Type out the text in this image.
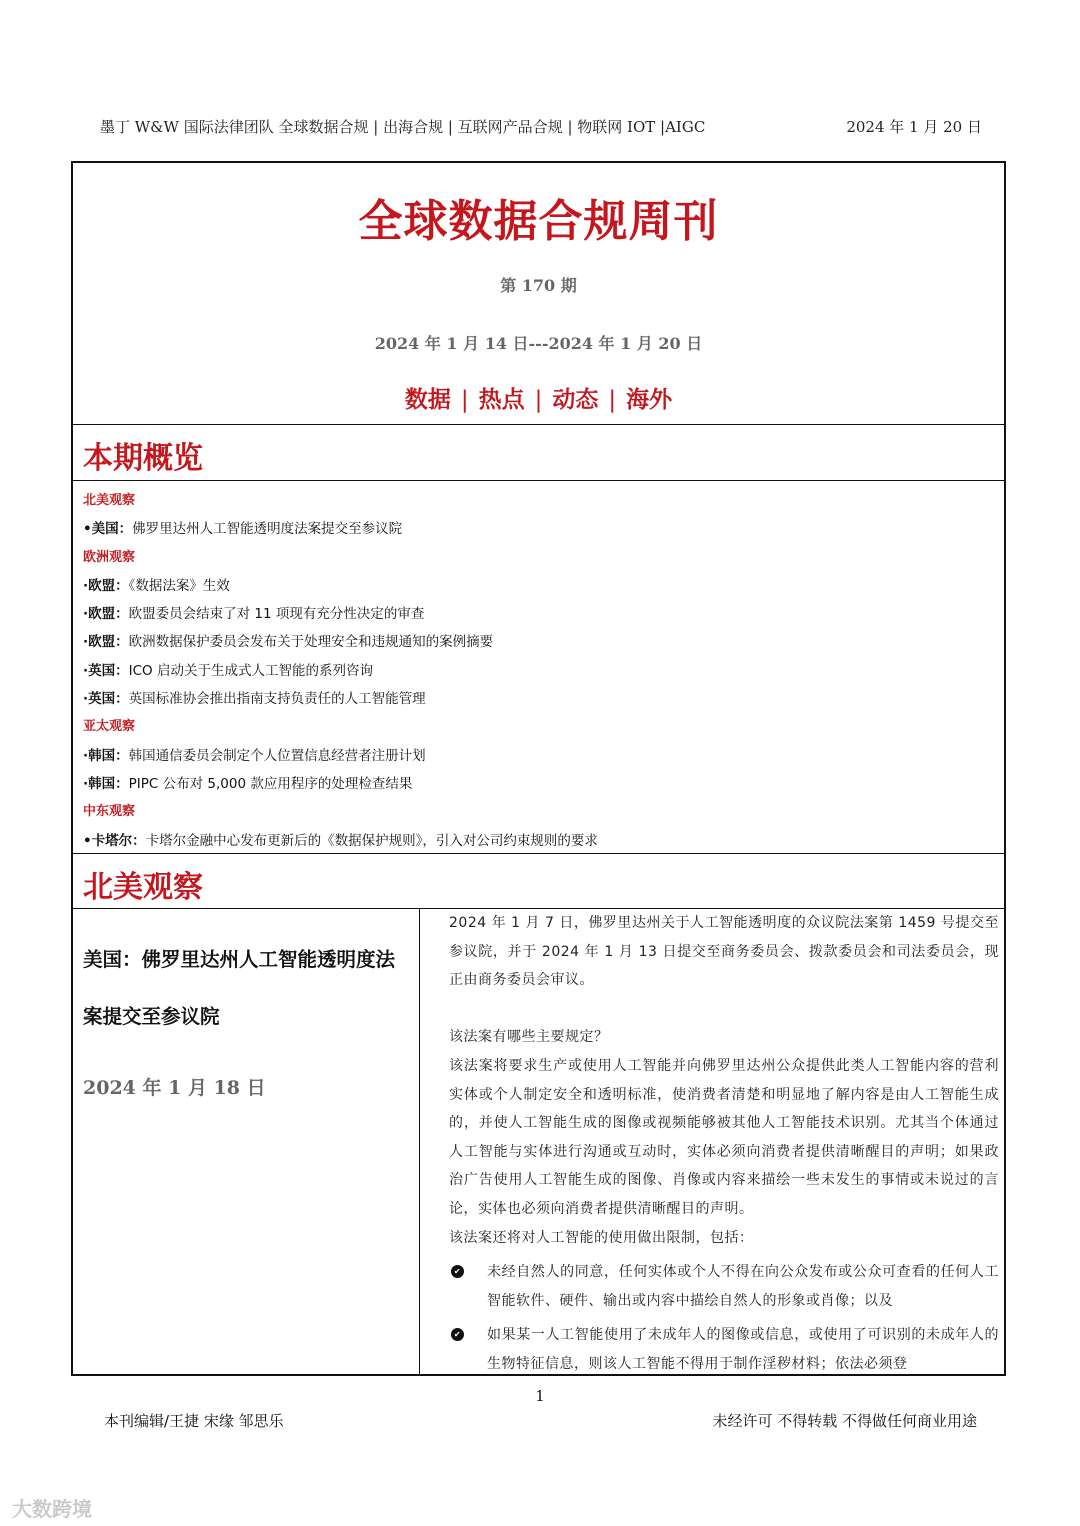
墨丁 W&W 国际法律团队 全球数据合规 | 出海合规 | 互联网产品合规 | 物联网 IOT |AIGC	2024 年 1 月 20 日
全球数据合规周刊
第 170 期
2024 年 1 月 14 日---2024 年 1 月 20 日
数据 | 热点 | 动态 | 海外
本期概览
北美观察
•美国：佛罗里达州人工智能透明度法案提交至参议院
欧洲观察
·欧盟：《数据法案》生效
·欧盟：欧盟委员会结束了对 11 项现有充分性决定的审查
·欧盟：欧洲数据保护委员会发布关于处理安全和违规通知的案例摘要
·英国：ICO 启动关于生成式人工智能的系列咨询
·英国：英国标准协会推出指南支持负责任的人工智能管理
亚太观察
·韩国：韩国通信委员会制定个人位置信息经营者注册计划
·韩国：PIPC 公布对 5,000 款应用程序的处理检查结果
中东观察
•卡塔尔：卡塔尔金融中心发布更新后的《数据保护规则》，引入对公司约束规则的要求
北美观察
美国：佛罗里达州人工智能透明度法案提交至参议院
2024 年 1 月 18 日
2024 年 1 月 7 日，佛罗里达州关于人工智能透明度的众议院法案第 1459 号提交至参议院，并于 2024 年 1 月 13 日提交至商务委员会、拨款委员会和司法委员会，现正由商务委员会审议。
该法案有哪些主要规定？
该法案将要求生产或使用人工智能并向佛罗里达州公众提供此类人工智能内容的营利实体或个人制定安全和透明标准，使消费者清楚和明显地了解内容是由人工智能生成的，并使人工智能生成的图像或视频能够被其他人工智能技术识别。尤其当个体通过人工智能与实体进行沟通或互动时，实体必须向消费者提供清晰醒目的声明；如果政治广告使用人工智能生成的图像、肖像或内容来描绘一些未发生的事情或未说过的言论，实体也必须向消费者提供清晰醒目的声明。
该法案还将对人工智能的使用做出限制，包括：
✔ 未经自然人的同意，任何实体或个人不得在向公众发布或公众可查看的任何人工智能软件、硬件、输出或内容中描绘自然人的形象或肖像；以及
✔ 如果某一人工智能使用了未成年人的图像或信息，或使用了可识别的未成年人的生物特征信息，则该人工智能不得用于制作淫秽材料；依法必须登
1
本刊编辑/王捷 宋缘 邹思乐	未经许可 不得转载 不得做任何商业用途
大数跨境
